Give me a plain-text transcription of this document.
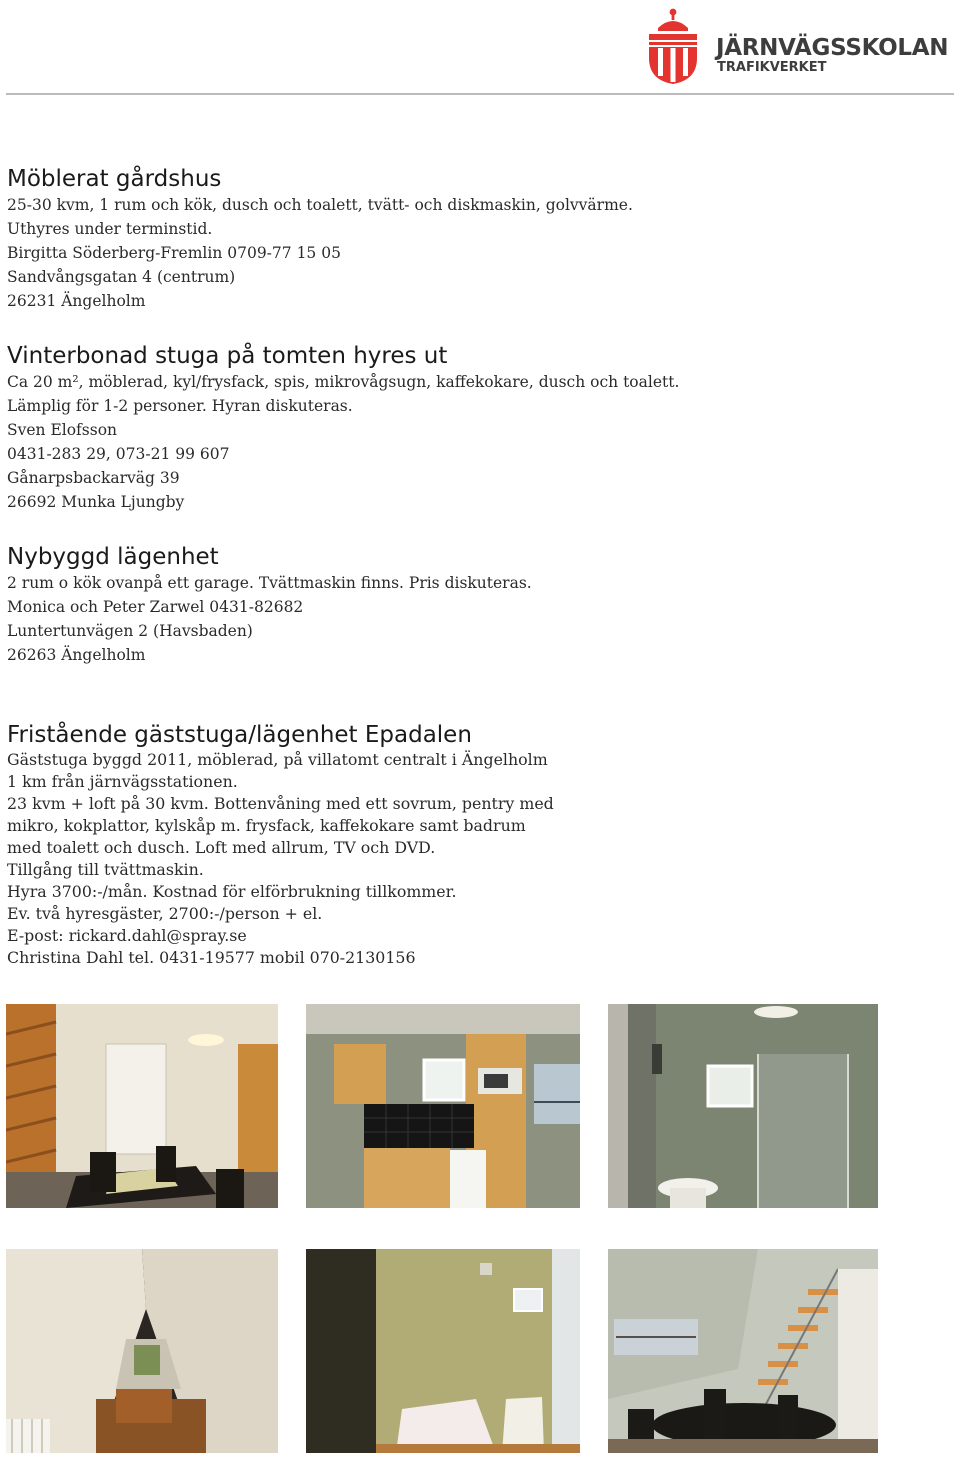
JÄRNVÄGSSKOLAN
TRAFIKVERKET
Möblerat gårdshus
25-30 kvm, 1 rum och kök, dusch och toalett, tvätt- och diskmaskin, golvvärme.
Uthyres under terminstid.
Birgitta Söderberg-Fremlin 0709-77 15 05
Sandvångsgatan 4 (centrum)
26231 Ängelholm
Vinterbonad stuga på tomten hyres ut
Ca 20 m², möblerad, kyl/frysfack, spis, mikrovågsugn, kaffekokare, dusch och toalett.
Lämplig för 1-2 personer. Hyran diskuteras.
Sven Elofsson
0431-283 29, 073-21 99 607
Gånarpsbackarväg 39
26692 Munka Ljungby
Nybyggd lägenhet
2 rum o kök ovanpå ett garage. Tvättmaskin finns. Pris diskuteras.
Monica och Peter Zarwel 0431-82682
Luntertunvägen 2 (Havsbaden)
26263 Ängelholm
Fristående gäststuga/lägenhet Epadalen
Gäststuga byggd 2011, möblerad, på villatomt centralt i Ängelholm
1 km från järnvägsstationen.
23 kvm + loft på 30 kvm. Bottenvåning med ett sovrum, pentry med
mikro, kokplattor, kylskåp m. frysfack, kaffekokare samt badrum
med toalett och dusch. Loft med allrum, TV och DVD.
Tillgång till tvättmaskin.
Hyra 3700:-/mån. Kostnad för elförbrukning tillkommer.
Ev. två hyresgäster, 2700:-/person + el.
E-post: rickard.dahl@spray.se
Christina Dahl tel. 0431-19577 mobil 070-2130156
